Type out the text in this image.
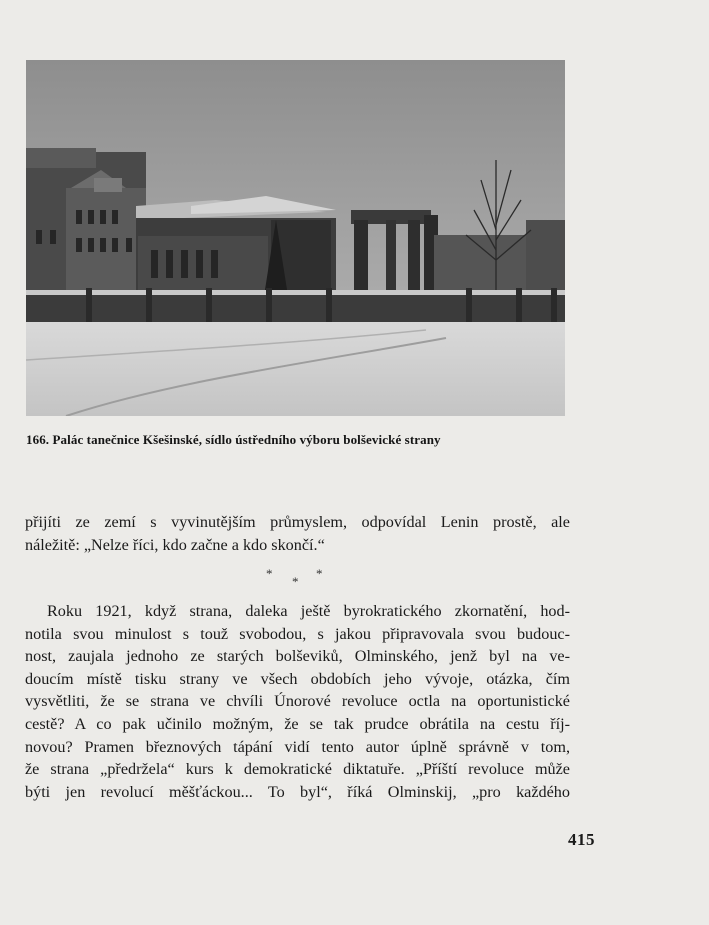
166. Palác tanečnice Kšešinské, sídlo ústředního výboru bolševické strany
přijíti ze zemí s vyvinutějším průmyslem, odpovídal Lenin prostě, ale
náležitě: „Nelze říci, kdo začne a kdo skončí.“
*
*
*
Roku 1921, když strana, daleka ještě byrokratického zkornatění, hod-
notila svou minulost s touž svobodou, s jakou připravovala svou budouc-
nost, zaujala jednoho ze starých bolševiků, Olminského, jenž byl na ve-
doucím místě tisku strany ve všech obdobích jeho vývoje, otázka, čím
vysvětliti, že se strana ve chvíli Únorové revoluce octla na oportunistické
cestě? A co pak učinilo možným, že se tak prudce obrátila na cestu říj-
novou? Pramen březnových tápání vidí tento autor úplně správně v tom,
že strana „předržela“ kurs k demokratické diktatuře. „Příští revoluce může
býti jen revolucí měšťáckou... To byl“, říká Olminskij, „pro každého
415
